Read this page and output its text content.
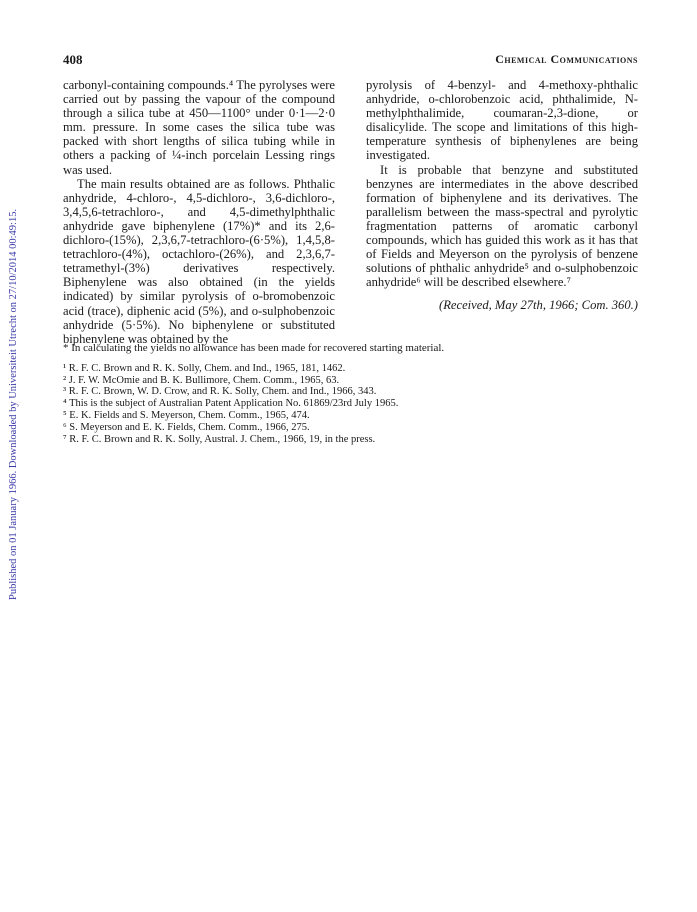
Published on 01 January 1966. Downloaded by Universiteit Utrecht on 27/10/2014 00:49:15.
408	Chemical Communications

carbonyl-containing compounds.⁴ The pyrolyses were carried out by passing the vapour of the compound through a silica tube at 450—1100° under 0·1—2·0 mm. pressure. In some cases the silica tube was packed with short lengths of silica tubing while in others a packing of ¼-inch porcelain Lessing rings was used.

The main results obtained are as follows. Phthalic anhydride, 4-chloro-, 4,5-dichloro-, 3,6-dichloro-, 3,4,5,6-tetrachloro-, and 4,5-dimethylphthalic anhydride gave biphenylene (17%)* and its 2,6-dichloro-(15%), 2,3,6,7-tetrachloro-(6·5%), 1,4,5,8-tetrachloro-(4%), octachloro-(26%), and 2,3,6,7-tetramethyl-(3%) derivatives respectively. Biphenylene was also obtained (in the yields indicated) by similar pyrolysis of o-bromobenzoic acid (trace), diphenic acid (5%), and o-sulphobenzoic anhydride (5·5%). No biphenylene or substituted biphenylene was obtained by the

pyrolysis of 4-benzyl- and 4-methoxy-phthalic anhydride, o-chlorobenzoic acid, phthalimide, N-methylphthalimide, coumaran-2,3-dione, or disalicylide. The scope and limitations of this high-temperature synthesis of biphenylenes are being investigated.

It is probable that benzyne and substituted benzynes are intermediates in the above described formation of biphenylene and its derivatives. The parallelism between the mass-spectral and pyrolytic fragmentation patterns of aromatic carbonyl compounds, which has guided this work as it has that of Fields and Meyerson on the pyrolysis of benzene solutions of phthalic anhydride⁵ and o-sulphobenzoic anhydride⁶ will be described elsewhere.⁷

(Received, May 27th, 1966; Com. 360.)

* In calculating the yields no allowance has been made for recovered starting material.

¹ R. F. C. Brown and R. K. Solly, Chem. and Ind., 1965, 181, 1462.

² J. F. W. McOmie and B. K. Bullimore, Chem. Comm., 1965, 63.

³ R. F. C. Brown, W. D. Crow, and R. K. Solly, Chem. and Ind., 1966, 343.

⁴ This is the subject of Australian Patent Application No. 61869/23rd July 1965.

⁵ E. K. Fields and S. Meyerson, Chem. Comm., 1965, 474.

⁶ S. Meyerson and E. K. Fields, Chem. Comm., 1966, 275.

⁷ R. F. C. Brown and R. K. Solly, Austral. J. Chem., 1966, 19, in the press.
